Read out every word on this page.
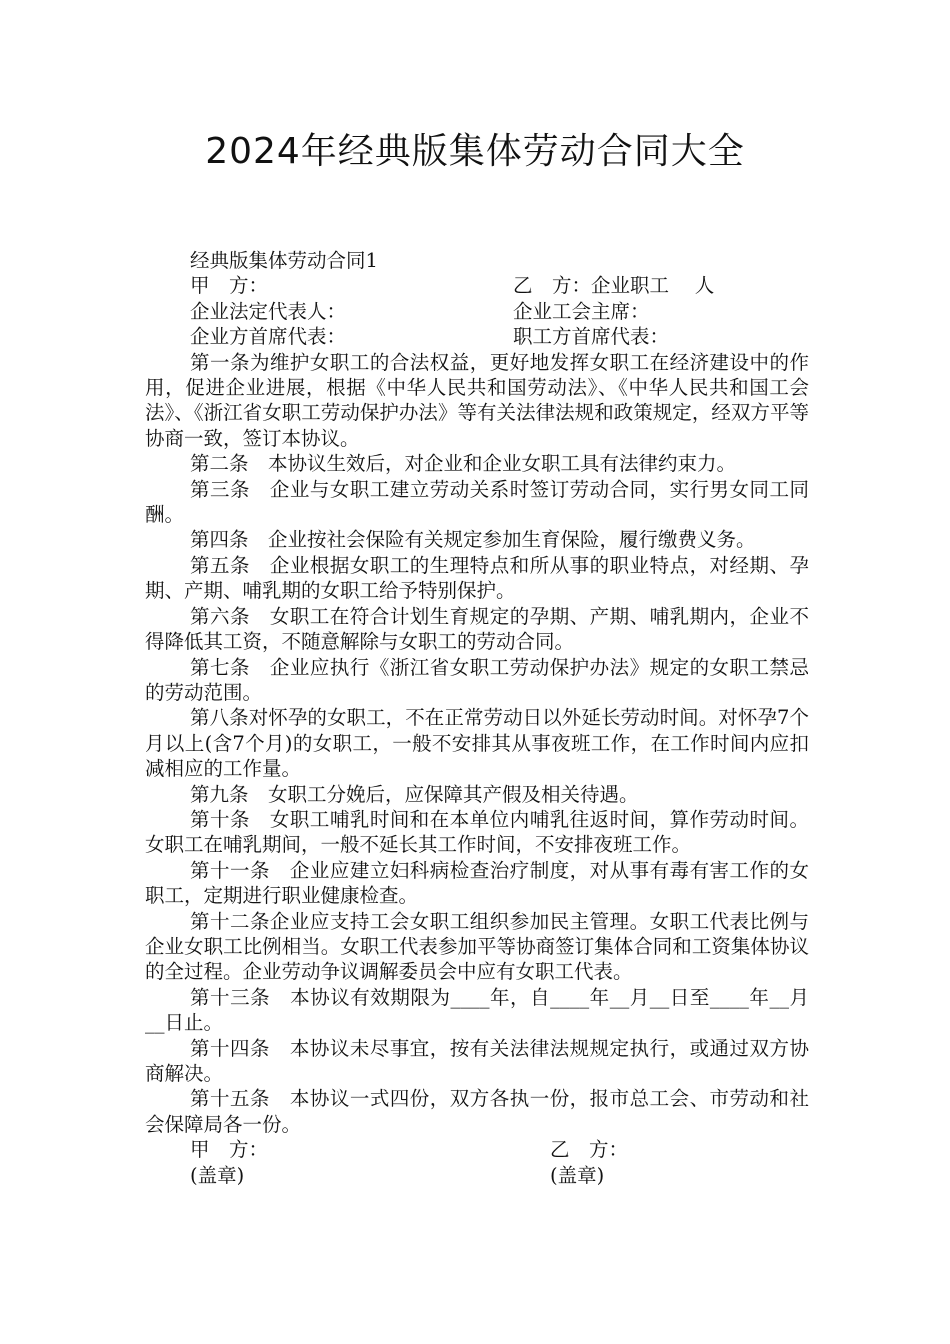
2024年经典版集体劳动合同大全
经典版集体劳动合同1
甲　方：	乙　方：企业职工　 人
企业法定代表人：	企业工会主席：
企业方首席代表：	职工方首席代表：

第一条为维护女职工的合法权益，更好地发挥女职工在经济建设中的作用，促进企业进展，根据《中华人民共和国劳动法》、《中华人民共和国工会法》、《浙江省女职工劳动保护办法》等有关法律法规和政策规定，经双方平等协商一致，签订本协议。

第二条　本协议生效后，对企业和企业女职工具有法律约束力。

第三条　企业与女职工建立劳动关系时签订劳动合同，实行男女同工同酬。

第四条　企业按社会保险有关规定参加生育保险，履行缴费义务。

第五条　企业根据女职工的生理特点和所从事的职业特点，对经期、孕期、产期、哺乳期的女职工给予特别保护。

第六条　女职工在符合计划生育规定的孕期、产期、哺乳期内，企业不得降低其工资，不随意解除与女职工的劳动合同。

第七条　企业应执行《浙江省女职工劳动保护办法》规定的女职工禁忌的劳动范围。

第八条对怀孕的女职工，不在正常劳动日以外延长劳动时间。对怀孕7个月以上(含7个月)的女职工，一般不安排其从事夜班工作，在工作时间内应扣减相应的工作量。

第九条　女职工分娩后，应保障其产假及相关待遇。

第十条　女职工哺乳时间和在本单位内哺乳往返时间，算作劳动时间。女职工在哺乳期间，一般不延长其工作时间，不安排夜班工作。

第十一条　企业应建立妇科病检查治疗制度，对从事有毒有害工作的女职工，定期进行职业健康检查。

第十二条企业应支持工会女职工组织参加民主管理。女职工代表比例与企业女职工比例相当。女职工代表参加平等协商签订集体合同和工资集体协议的全过程。企业劳动争议调解委员会中应有女职工代表。

第十三条　本协议有效期限为____年，自____年__月__日至____年__月__日止。

第十四条　本协议未尽事宜，按有关法律法规规定执行，或通过双方协商解决。

第十五条　本协议一式四份，双方各执一份，报市总工会、市劳动和社会保障局各一份。

甲　方：	乙　方：
(盖章)	(盖章)
